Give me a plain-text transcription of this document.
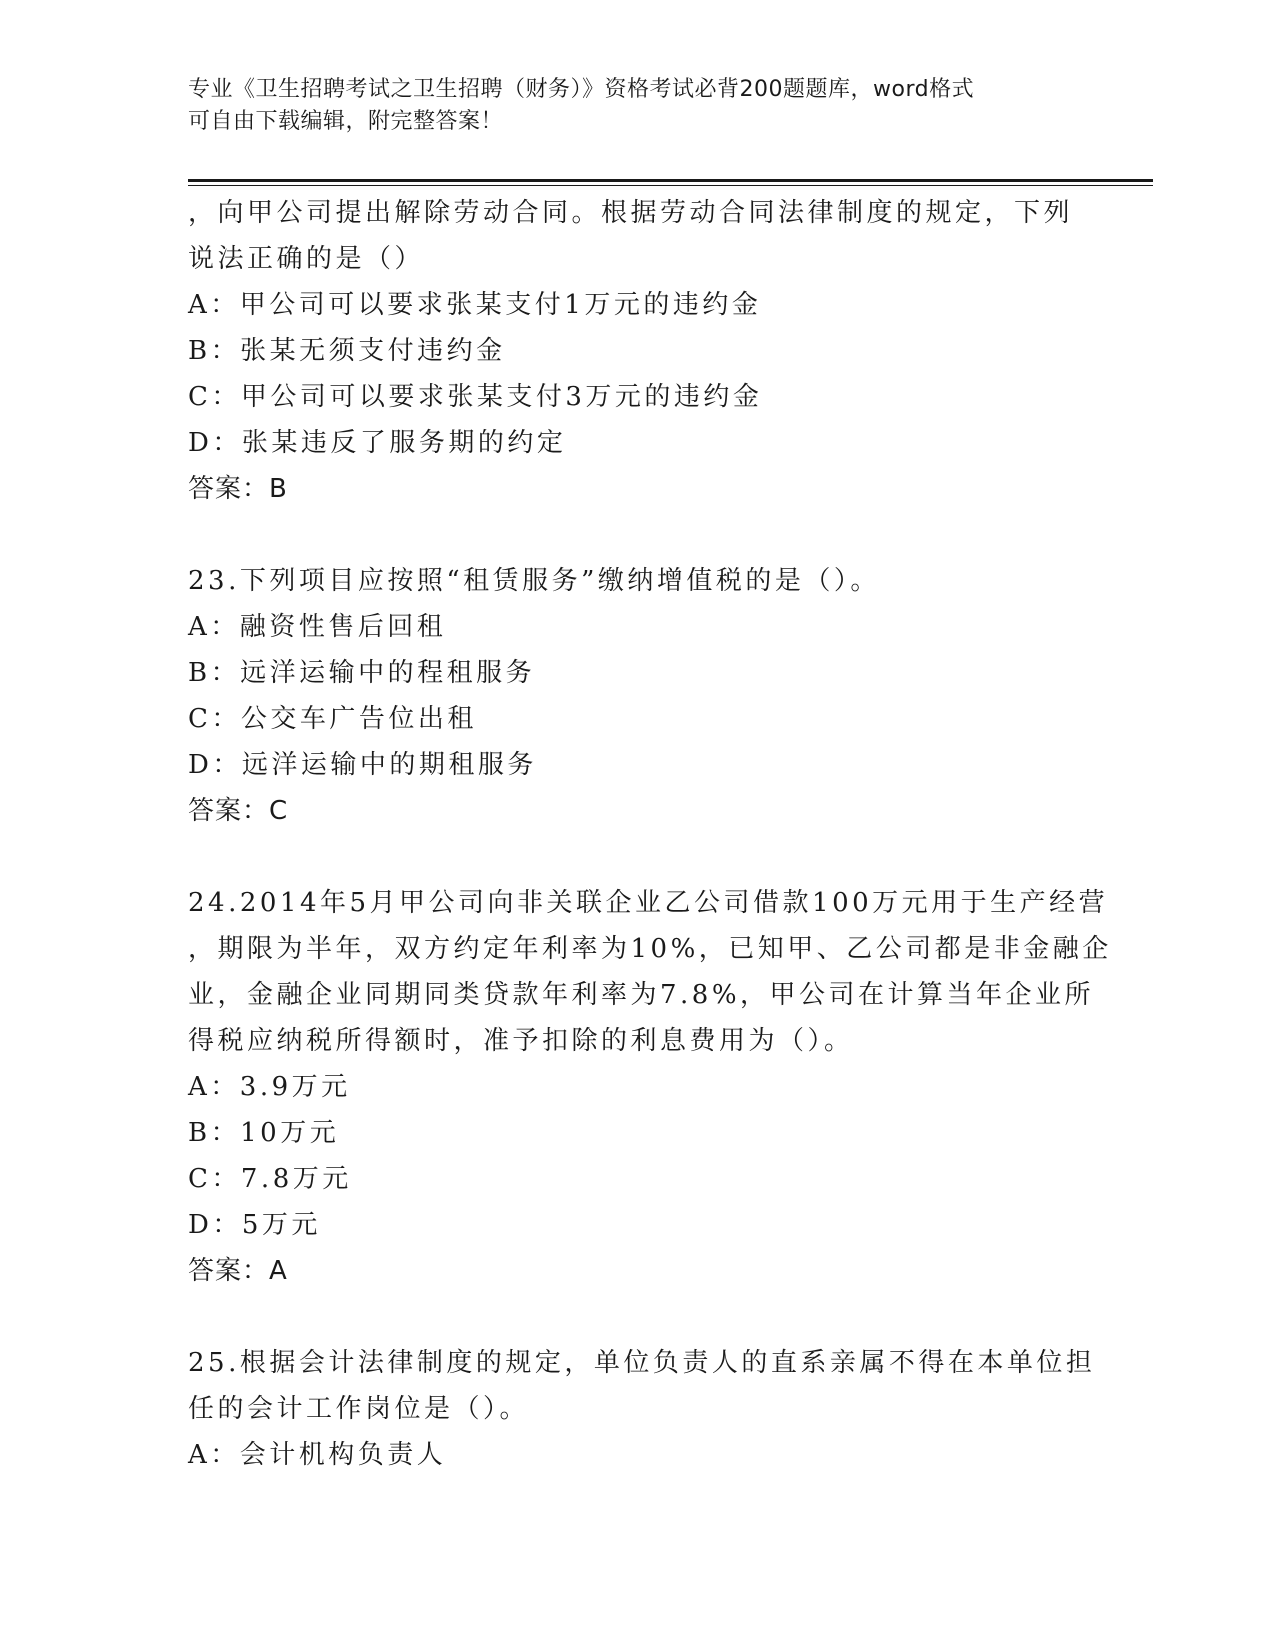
专业《卫生招聘考试之卫生招聘（财务）》资格考试必背200题题库，word格式
可自由下载编辑，附完整答案！
，向甲公司提出解除劳动合同。根据劳动合同法律制度的规定，下列
说法正确的是（）
A：甲公司可以要求张某支付1万元的违约金
B：张某无须支付违约金
C：甲公司可以要求张某支付3万元的违约金
D：张某违反了服务期的约定
答案：B
23.下列项目应按照“租赁服务”缴纳增值税的是（）。
A：融资性售后回租
B：远洋运输中的程租服务
C：公交车广告位出租
D：远洋运输中的期租服务
答案：C
24.2014年5月甲公司向非关联企业乙公司借款100万元用于生产经营
，期限为半年，双方约定年利率为10%，已知甲、乙公司都是非金融企
业，金融企业同期同类贷款年利率为7.8%，甲公司在计算当年企业所
得税应纳税所得额时，准予扣除的利息费用为（）。
A：3.9万元
B：10万元
C：7.8万元
D：5万元
答案：A
25.根据会计法律制度的规定，单位负责人的直系亲属不得在本单位担
任的会计工作岗位是（）。
A：会计机构负责人
